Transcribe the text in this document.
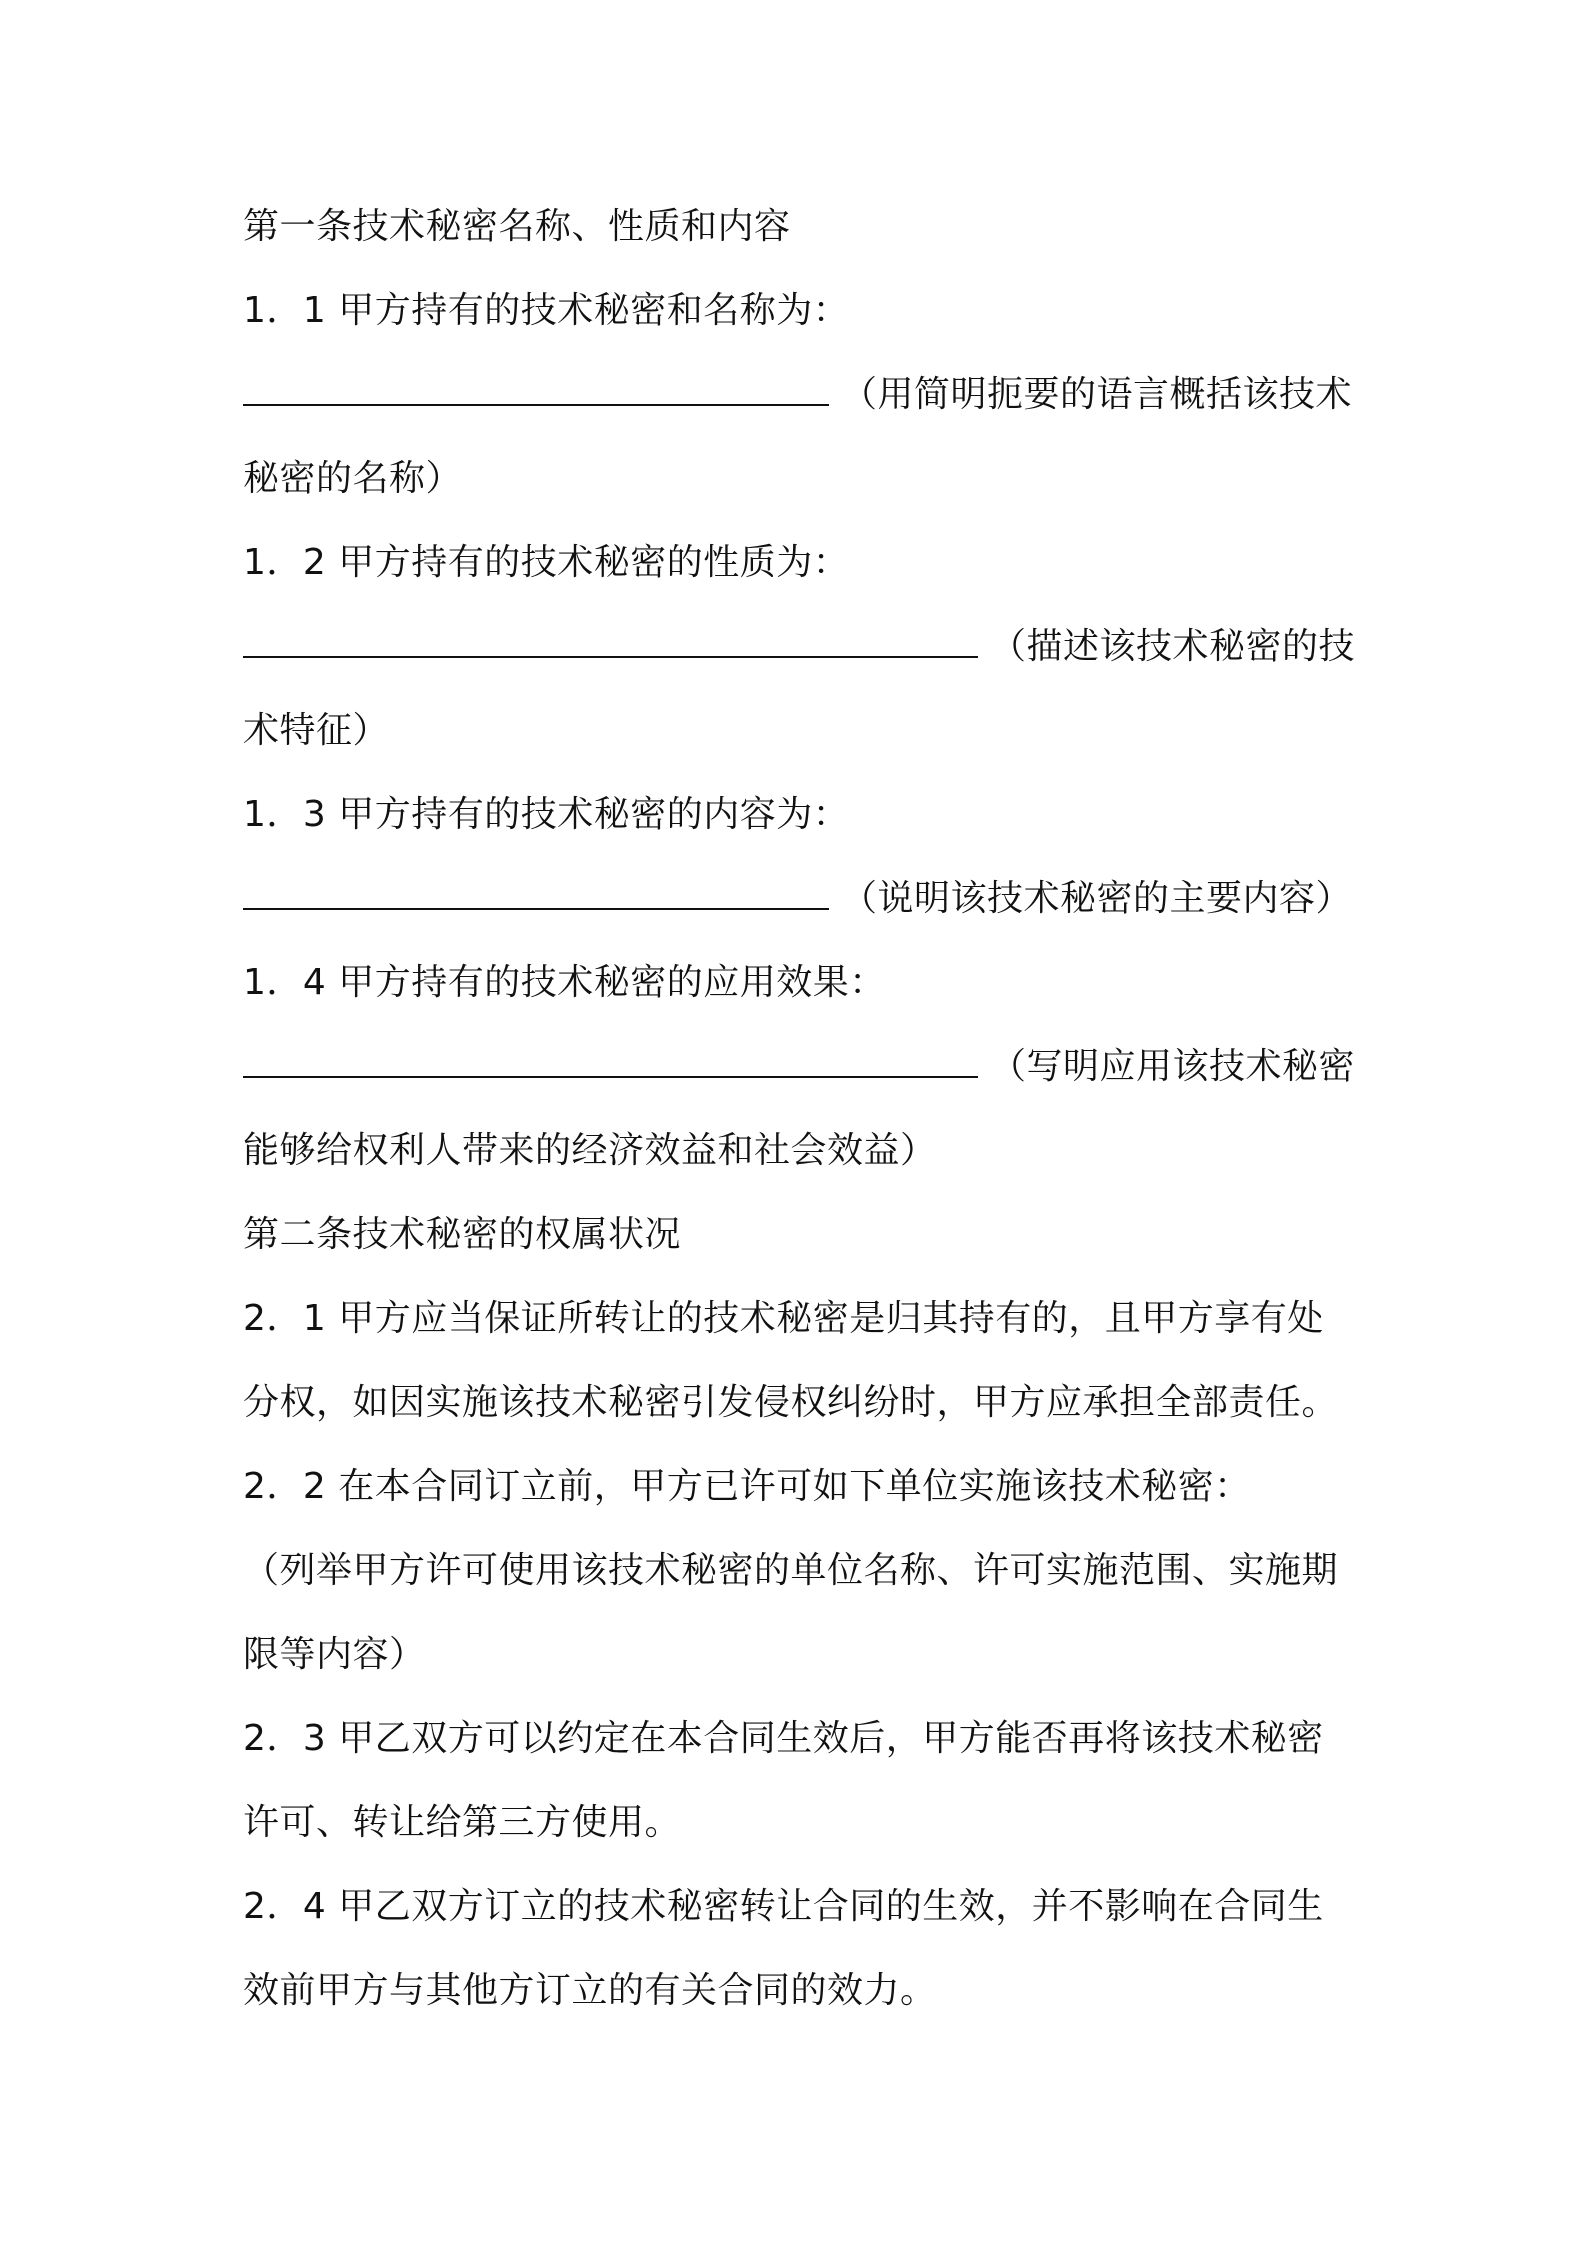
第一条技术秘密名称、性质和内容
1．1 甲方持有的技术秘密和名称为：
（用简明扼要的语言概括该技术
秘密的名称）
1．2 甲方持有的技术秘密的性质为：
（描述该技术秘密的技
术特征）
1．3 甲方持有的技术秘密的内容为：
（说明该技术秘密的主要内容）
1．4 甲方持有的技术秘密的应用效果：
（写明应用该技术秘密
能够给权利人带来的经济效益和社会效益）
第二条技术秘密的权属状况
2．1 甲方应当保证所转让的技术秘密是归其持有的，且甲方享有处
分权，如因实施该技术秘密引发侵权纠纷时，甲方应承担全部责任。
2．2 在本合同订立前，甲方已许可如下单位实施该技术秘密：
（列举甲方许可使用该技术秘密的单位名称、许可实施范围、实施期
限等内容）
2．3 甲乙双方可以约定在本合同生效后，甲方能否再将该技术秘密
许可、转让给第三方使用。
2．4 甲乙双方订立的技术秘密转让合同的生效，并不影响在合同生
效前甲方与其他方订立的有关合同的效力。
